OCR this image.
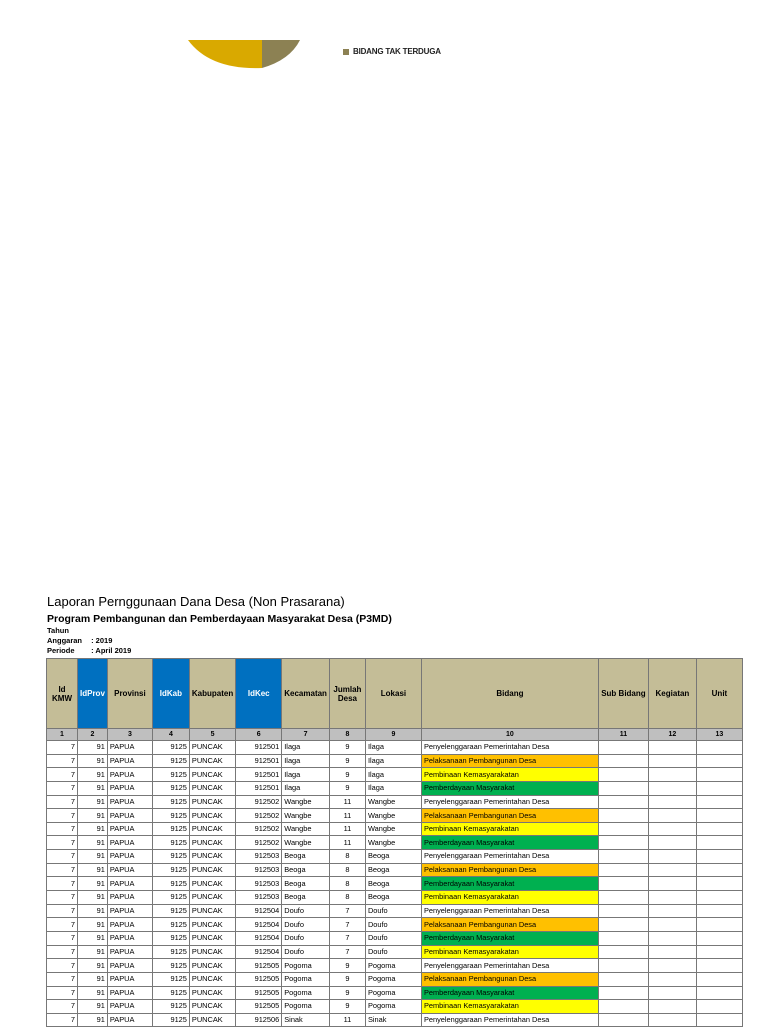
BIDANG TAK TERDUGA

Laporan Pernggunaan Dana Desa (Non Prasarana)

Program Pembangunan dan Pemberdayaan Masyarakat Desa (P3MD)

Tahun Anggaran : 2019
Periode : April 2019
Id KMW	IdProv	Provinsi	IdKab	Kabupaten	IdKec	Kecamatan	Jumlah Desa	Lokasi	Bidang	Sub Bidang	Kegiatan	Unit
1	2	3	4	5	6	7	8	9	10	11	12	13
7	91	PAPUA	9125	PUNCAK	912501	Ilaga	9	Ilaga	Penyelenggaraan Pemerintahan Desa			
7	91	PAPUA	9125	PUNCAK	912501	Ilaga	9	Ilaga	Pelaksanaan Pembangunan Desa			
7	91	PAPUA	9125	PUNCAK	912501	Ilaga	9	Ilaga	Pembinaan Kemasyarakatan			
7	91	PAPUA	9125	PUNCAK	912501	Ilaga	9	Ilaga	Pemberdayaan Masyarakat			
7	91	PAPUA	9125	PUNCAK	912502	Wangbe	11	Wangbe	Penyelenggaraan Pemerintahan Desa			
7	91	PAPUA	9125	PUNCAK	912502	Wangbe	11	Wangbe	Pelaksanaan Pembangunan Desa			
7	91	PAPUA	9125	PUNCAK	912502	Wangbe	11	Wangbe	Pembinaan Kemasyarakatan			
7	91	PAPUA	9125	PUNCAK	912502	Wangbe	11	Wangbe	Pemberdayaan Masyarakat			
7	91	PAPUA	9125	PUNCAK	912503	Beoga	8	Beoga	Penyelenggaraan Pemerintahan Desa			
7	91	PAPUA	9125	PUNCAK	912503	Beoga	8	Beoga	Pelaksanaan Pembangunan Desa			
7	91	PAPUA	9125	PUNCAK	912503	Beoga	8	Beoga	Pemberdayaan Masyarakat			
7	91	PAPUA	9125	PUNCAK	912503	Beoga	8	Beoga	Pembinaan Kemasyarakatan			
7	91	PAPUA	9125	PUNCAK	912504	Doufo	7	Doufo	Penyelenggaraan Pemerintahan Desa			
7	91	PAPUA	9125	PUNCAK	912504	Doufo	7	Doufo	Pelaksanaan Pembangunan Desa			
7	91	PAPUA	9125	PUNCAK	912504	Doufo	7	Doufo	Pemberdayaan Masyarakat			
7	91	PAPUA	9125	PUNCAK	912504	Doufo	7	Doufo	Pembinaan Kemasyarakatan			
7	91	PAPUA	9125	PUNCAK	912505	Pogoma	9	Pogoma	Penyelenggaraan Pemerintahan Desa			
7	91	PAPUA	9125	PUNCAK	912505	Pogoma	9	Pogoma	Pelaksanaan Pembangunan Desa			
7	91	PAPUA	9125	PUNCAK	912505	Pogoma	9	Pogoma	Pemberdayaan Masyarakat			
7	91	PAPUA	9125	PUNCAK	912505	Pogoma	9	Pogoma	Pembinaan Kemasyarakatan			
7	91	PAPUA	9125	PUNCAK	912506	Sinak	11	Sinak	Penyelenggaraan Pemerintahan Desa			
